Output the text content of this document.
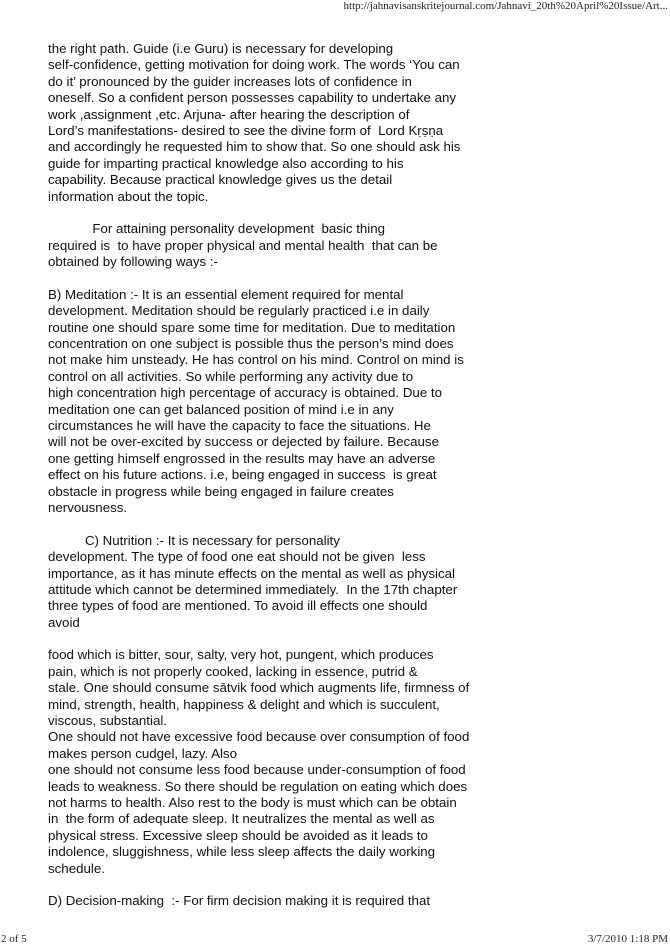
http://jahnavisanskritejournal.com/Jahnavi_20th%20April%20Issue/Art...
the right path. Guide (i.e Guru) is necessary for developing
self-confidence, getting motivation for doing work. The words ‘You can
do it’ pronounced by the guider increases lots of confidence in
oneself. So a confident person possesses capability to undertake any
work ,assignment ,etc. Arjuna- after hearing the description of
Lord’s manifestations- desired to see the divine form of  Lord Kṛṣṇa
and accordingly he requested him to show that. So one should ask his
guide for imparting practical knowledge also according to his
capability. Because practical knowledge gives us the detail
information about the topic.
For attaining personality development  basic thing
required is  to have proper physical and mental health  that can be
obtained by following ways :-
B) Meditation :- It is an essential element required for mental
development. Meditation should be regularly practiced i.e in daily
routine one should spare some time for meditation. Due to meditation
concentration on one subject is possible thus the person’s mind does
not make him unsteady. He has control on his mind. Control on mind is
control on all activities. So while performing any activity due to
high concentration high percentage of accuracy is obtained. Due to
meditation one can get balanced position of mind i.e in any
circumstances he will have the capacity to face the situations. He
will not be over-excited by success or dejected by failure. Because
one getting himself engrossed in the results may have an adverse
effect on his future actions. i.e, being engaged in success  is great
obstacle in progress while being engaged in failure creates
nervousness.
C) Nutrition :- It is necessary for personality
development. The type of food one eat should not be given  less
importance, as it has minute effects on the mental as well as physical
attitude which cannot be determined immediately.  In the 17th chapter
three types of food are mentioned. To avoid ill effects one should
avoid
food which is bitter, sour, salty, very hot, pungent, which produces
pain, which is not properly cooked, lacking in essence, putrid &
stale. One should consume sātvik food which augments life, firmness of
mind, strength, health, happiness & delight and which is succulent,
viscous, substantial.
One should not have excessive food because over consumption of food
makes person cudgel, lazy. Also
one should not consume less food because under-consumption of food
leads to weakness. So there should be regulation on eating which does
not harms to health. Also rest to the body is must which can be obtain
in  the form of adequate sleep. It neutralizes the mental as well as
physical stress. Excessive sleep should be avoided as it leads to
indolence, sluggishness, while less sleep affects the daily working
schedule.
D) Decision-making  :- For firm decision making it is required that
2 of 5	3/7/2010 1:18 PM
